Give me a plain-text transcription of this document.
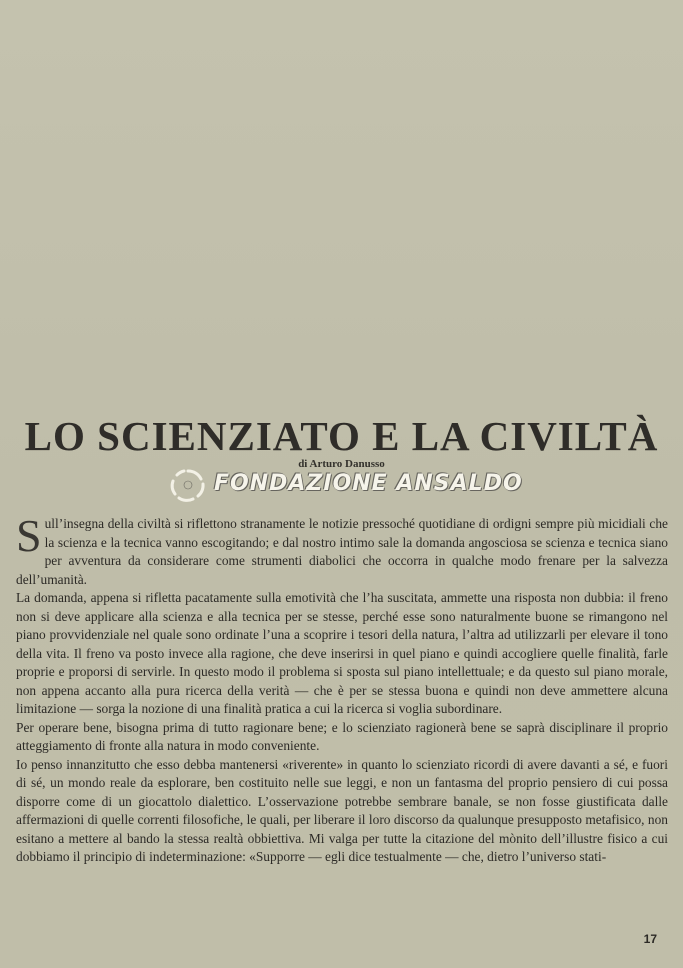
LO SCIENZIATO E LA CIVILTÀ
di Arturo Danusso
FONDAZIONE ANSALDO

Sull’insegna della civiltà si riflettono stranamente le notizie pressoché quotidiane di ordigni sempre più micidiali che la scienza e la tecnica vanno escogitando; e dal nostro intimo sale la domanda angosciosa se scienza e tecnica siano per avventura da considerare come strumenti diabolici che occorra in qualche modo frenare per la salvezza dell’umanità.

La domanda, appena si rifletta pacatamente sulla emotività che l’ha suscitata, ammette una risposta non dubbia: il freno non si deve applicare alla scienza e alla tecnica per se stesse, perché esse sono naturalmente buone se rimangono nel piano provvidenziale nel quale sono ordinate l’una a scoprire i tesori della natura, l’altra ad utilizzarli per elevare il tono della vita. Il freno va posto invece alla ragione, che deve inserirsi in quel piano e quindi accogliere quelle finalità, farle proprie e proporsi di servirle. In questo modo il problema si sposta sul piano intellettuale; e da questo sul piano morale, non appena accanto alla pura ricerca della verità — che è per se stessa buona e quindi non deve ammettere alcuna limitazione — sorga la nozione di una finalità pratica a cui la ricerca si voglia subordinare.

Per operare bene, bisogna prima di tutto ragionare bene; e lo scienziato ragionerà bene se saprà disciplinare il proprio atteggiamento di fronte alla natura in modo conveniente.

Io penso innanzitutto che esso debba mantenersi «riverente» in quanto lo scienziato ricordi di avere davanti a sé, e fuori di sé, un mondo reale da esplorare, ben costituito nelle sue leggi, e non un fantasma del proprio pensiero di cui possa disporre come di un giocattolo dialettico. L’osservazione potrebbe sembrare banale, se non fosse giustificata dalle affermazioni di quelle correnti filosofiche, le quali, per liberare il loro discorso da qualunque presupposto metafisico, non esitano a mettere al bando la stessa realtà obbiettiva. Mi valga per tutte la citazione del mònito dell’illustre fisico a cui dobbiamo il principio di indeterminazione: «Supporre — egli dice testualmente — che, dietro l’universo stati-

17
